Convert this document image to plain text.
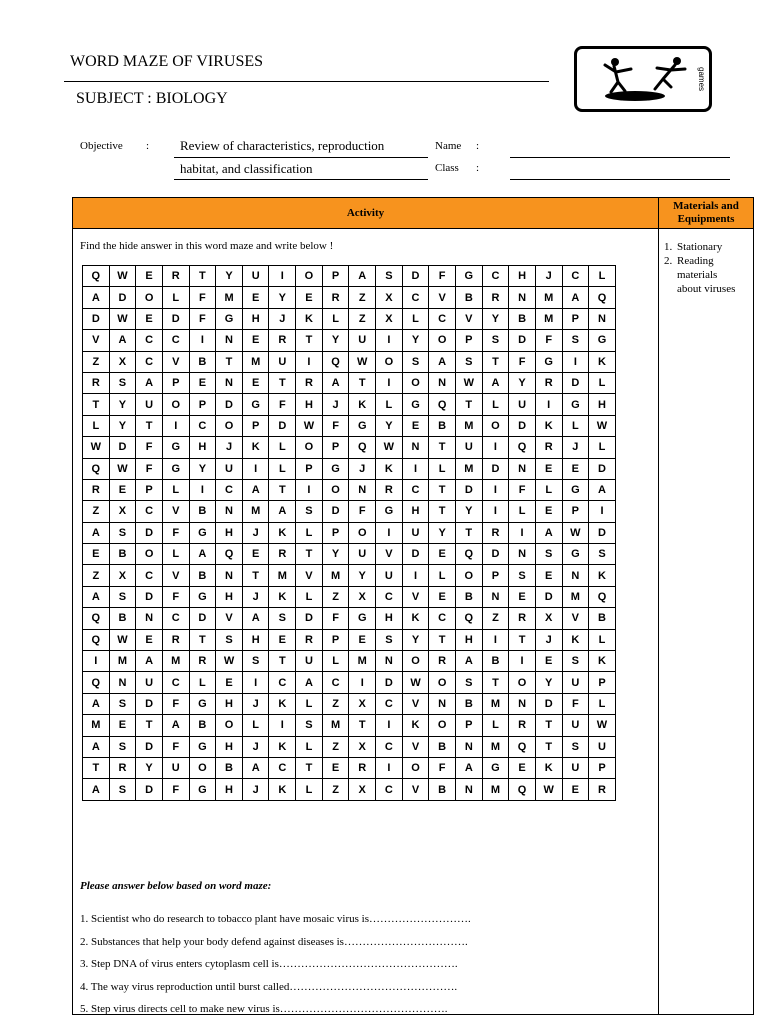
WORD MAZE OF VIRUSES
SUBJECT : BIOLOGY
games
Objective : Review of characteristics, reproduction
habitat, and classification
Name :
Class :
Activity
Materials and Equipments
Find the hide answer in this word maze and write below !	1. Stationary
2. Reading materials about viruses
Q	W	E	R	T	Y	U	I	O	P	A	S	D	F	G	C	H	J	C	L
A	D	O	L	F	M	E	Y	E	R	Z	X	C	V	B	R	N	M	A	Q
D	W	E	D	F	G	H	J	K	L	Z	X	L	C	V	Y	B	M	P	N
V	A	C	C	I	N	E	R	T	Y	U	I	Y	O	P	S	D	F	S	G
Z	X	C	V	B	T	M	U	I	Q	W	O	S	A	S	T	F	G	I	K
R	S	A	P	E	N	E	T	R	A	T	I	O	N	W	A	Y	R	D	L
T	Y	U	O	P	D	G	F	H	J	K	L	G	Q	T	L	U	I	G	H
L	Y	T	I	C	O	P	D	W	F	G	Y	E	B	M	O	D	K	L	W
W	D	F	G	H	J	K	L	O	P	Q	W	N	T	U	I	Q	R	J	L
Q	W	F	G	Y	U	I	L	P	G	J	K	I	L	M	D	N	E	E	D
R	E	P	L	I	C	A	T	I	O	N	R	C	T	D	I	F	L	G	A
Z	X	C	V	B	N	M	A	S	D	F	G	H	T	Y	I	L	E	P	I
A	S	D	F	G	H	J	K	L	P	O	I	U	Y	T	R	I	A	W	D
E	B	O	L	A	Q	E	R	T	Y	U	V	D	E	Q	D	N	S	G	S
Z	X	C	V	B	N	T	M	V	M	Y	U	I	L	O	P	S	E	N	K
A	S	D	F	G	H	J	K	L	Z	X	C	V	E	B	N	E	D	M	Q
Q	B	N	C	D	V	A	S	D	F	G	H	K	C	Q	Z	R	X	V	B
Q	W	E	R	T	S	H	E	R	P	E	S	Y	T	H	I	T	J	K	L
I	M	A	M	R	W	S	T	U	L	M	N	O	R	A	B	I	E	S	K
Q	N	U	C	L	E	I	C	A	C	I	D	W	O	S	T	O	Y	U	P
A	S	D	F	G	H	J	K	L	Z	X	C	V	N	B	M	N	D	F	L
M	E	T	A	B	O	L	I	S	M	T	I	K	O	P	L	R	T	U	W
A	S	D	F	G	H	J	K	L	Z	X	C	V	B	N	M	Q	T	S	U
T	R	Y	U	O	B	A	C	T	E	R	I	O	F	A	G	E	K	U	P
A	S	D	F	G	H	J	K	L	Z	X	C	V	B	N	M	Q	W	E	R
Please answer below based on word maze:
1. Scientist who do research to tobacco plant have mosaic virus is……………………….
2. Substances that help your body defend against diseases is…………………………….
3. Step DNA of virus enters cytoplasm cell is………………………………………….
4. The way virus reproduction until burst called……………………………………….
5. Step virus directs cell to make new virus is……………………………………….
